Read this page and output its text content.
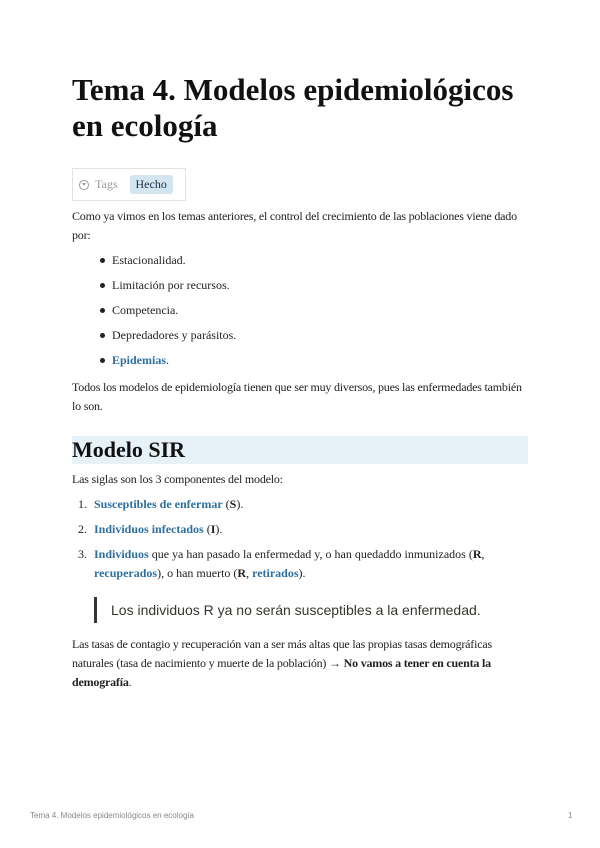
Tema 4. Modelos epidemiológicos en ecología
Tags	Hecho
Como ya vimos en los temas anteriores, el control del crecimiento de las poblaciones viene dado por:
Estacionalidad.
Limitación por recursos.
Competencia.
Depredadores y parásitos.
Epidemias.
Todos los modelos de epidemiología tienen que ser muy diversos, pues las enfermedades también lo son.
Modelo SIR
Las siglas son los 3 componentes del modelo:
1. Susceptibles de enfermar (S).
2. Individuos infectados (I).
3. Individuos que ya han pasado la enfermedad y, o han quedaddo inmunizados (R, recuperados), o han muerto (R, retirados).
Los individuos R ya no serán susceptibles a la enfermedad.
Las tasas de contagio y recuperación van a ser más altas que las propias tasas demográficas naturales (tasa de nacimiento y muerte de la población) → No vamos a tener en cuenta la demografía.
Tema 4. Modelos epidemiológicos en ecología	1
